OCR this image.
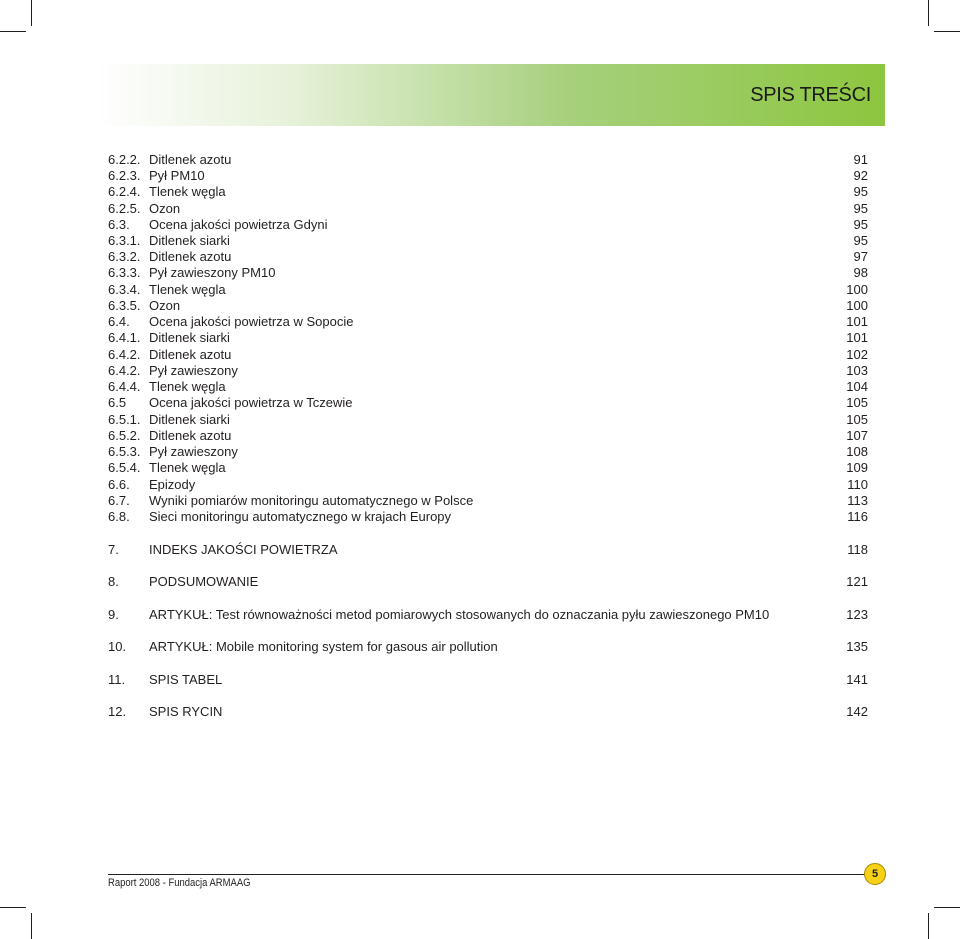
SPIS TREŚCI
6.2.2. Ditlenek azotu	91
6.2.3. Pył PM10	92
6.2.4. Tlenek węgla	95
6.2.5. Ozon	95
6.3. Ocena jakości powietrza Gdyni	95
6.3.1. Ditlenek siarki	95
6.3.2. Ditlenek azotu	97
6.3.3. Pył zawieszony PM10	98
6.3.4. Tlenek węgla	100
6.3.5. Ozon	100
6.4. Ocena jakości powietrza w Sopocie	101
6.4.1. Ditlenek siarki	101
6.4.2. Ditlenek azotu	102
6.4.2. Pył zawieszony	103
6.4.4. Tlenek węgla	104
6.5 Ocena jakości powietrza w Tczewie	105
6.5.1. Ditlenek siarki	105
6.5.2. Ditlenek azotu	107
6.5.3. Pył zawieszony	108
6.5.4. Tlenek węgla	109
6.6. Epizody	110
6.7. Wyniki pomiarów monitoringu automatycznego w Polsce	113
6.8. Sieci monitoringu automatycznego w krajach Europy	116
7. INDEKS JAKOŚCI POWIETRZA	118
8. PODSUMOWANIE	121
9. ARTYKUŁ: Test równoważności metod pomiarowych stosowanych do oznaczania pyłu zawieszonego PM10	123
10. ARTYKUŁ: Mobile monitoring system for gasous air pollution	135
11. SPIS TABEL	141
12. SPIS RYCIN	142
Raport 2008 - Fundacja ARMAAG
5
